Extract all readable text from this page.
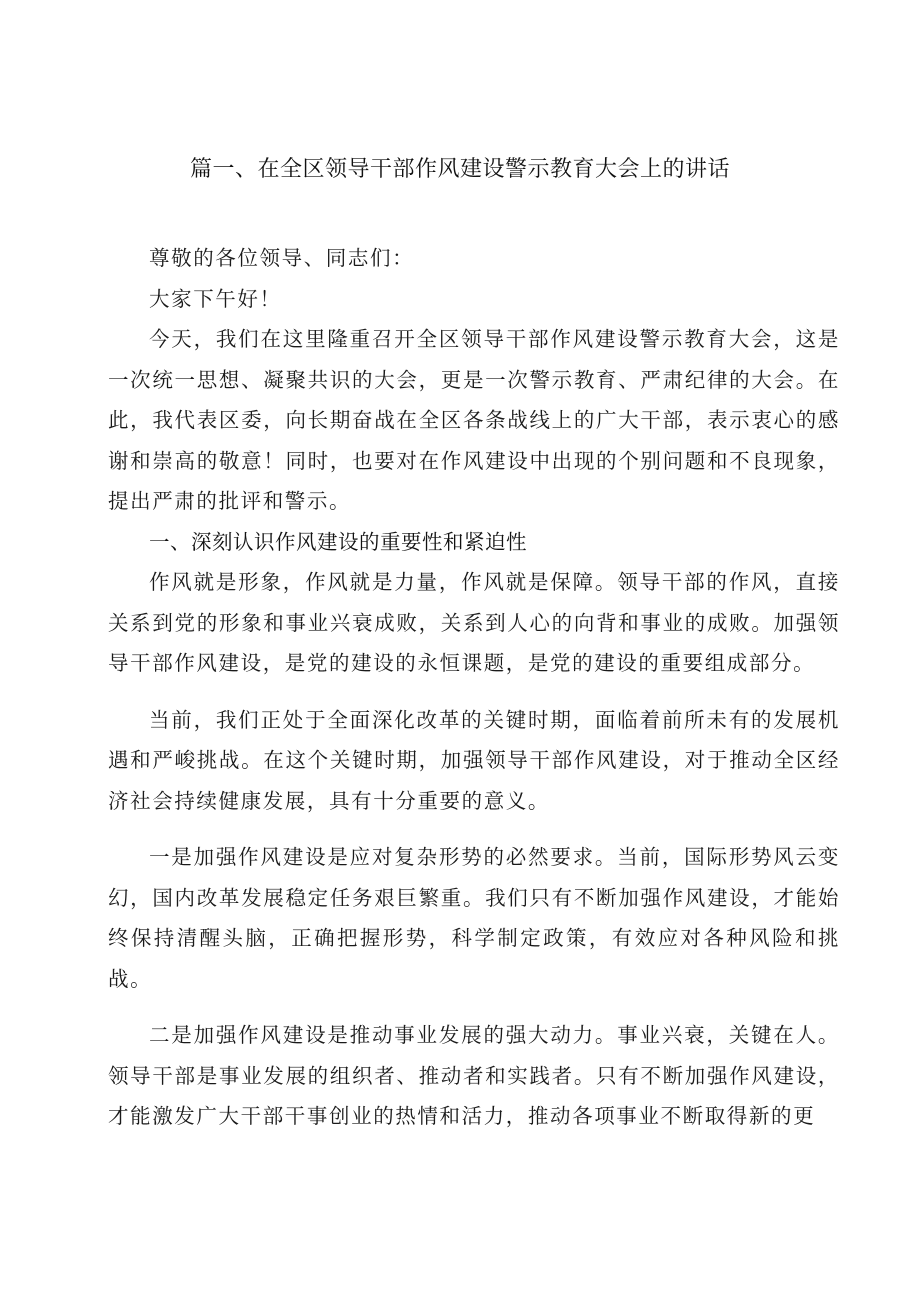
篇一、在全区领导干部作风建设警示教育大会上的讲话

尊敬的各位领导、同志们：

大家下午好！

今天，我们在这里隆重召开全区领导干部作风建设警示教育大会，这是一次统一思想、凝聚共识的大会，更是一次警示教育、严肃纪律的大会。在此，我代表区委，向长期奋战在全区各条战线上的广大干部，表示衷心的感谢和崇高的敬意！同时，也要对在作风建设中出现的个别问题和不良现象，提出严肃的批评和警示。

一、深刻认识作风建设的重要性和紧迫性

作风就是形象，作风就是力量，作风就是保障。领导干部的作风，直接关系到党的形象和事业兴衰成败，关系到人心的向背和事业的成败。加强领导干部作风建设，是党的建设的永恒课题，是党的建设的重要组成部分。

当前，我们正处于全面深化改革的关键时期，面临着前所未有的发展机遇和严峻挑战。在这个关键时期，加强领导干部作风建设，对于推动全区经济社会持续健康发展，具有十分重要的意义。

一是加强作风建设是应对复杂形势的必然要求。当前，国际形势风云变幻，国内改革发展稳定任务艰巨繁重。我们只有不断加强作风建设，才能始终保持清醒头脑，正确把握形势，科学制定政策，有效应对各种风险和挑战。

二是加强作风建设是推动事业发展的强大动力。事业兴衰，关键在人。领导干部是事业发展的组织者、推动者和实践者。只有不断加强作风建设，才能激发广大干部干事创业的热情和活力，推动各项事业不断取得新的更
